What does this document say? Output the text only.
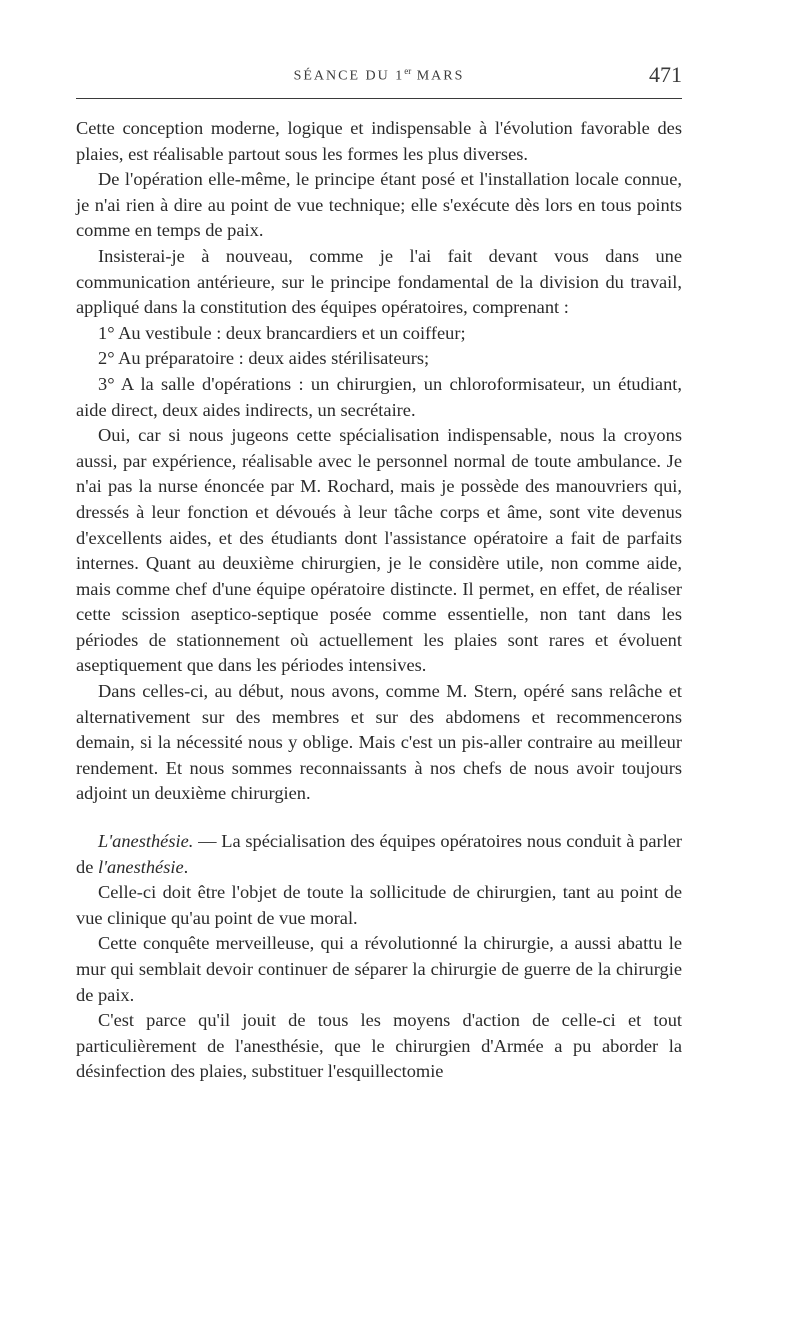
SÉANCE DU 1er MARS	471

Cette conception moderne, logique et indispensable à l'évolution favorable des plaies, est réalisable partout sous les formes les plus diverses.

De l'opération elle-même, le principe étant posé et l'installation locale connue, je n'ai rien à dire au point de vue technique; elle s'exécute dès lors en tous points comme en temps de paix.

Insisterai-je à nouveau, comme je l'ai fait devant vous dans une communication antérieure, sur le principe fondamental de la division du travail, appliqué dans la constitution des équipes opératoires, comprenant :

1° Au vestibule : deux brancardiers et un coiffeur;

2° Au préparatoire : deux aides stérilisateurs;

3° A la salle d'opérations : un chirurgien, un chloroformisateur, un étudiant, aide direct, deux aides indirects, un secrétaire.

Oui, car si nous jugeons cette spécialisation indispensable, nous la croyons aussi, par expérience, réalisable avec le personnel normal de toute ambulance. Je n'ai pas la nurse énoncée par M. Rochard, mais je possède des manouvriers qui, dressés à leur fonction et dévoués à leur tâche corps et âme, sont vite devenus d'excellents aides, et des étudiants dont l'assistance opératoire a fait de parfaits internes. Quant au deuxième chirurgien, je le considère utile, non comme aide, mais comme chef d'une équipe opératoire distincte. Il permet, en effet, de réaliser cette scission aseptico-septique posée comme essentielle, non tant dans les périodes de stationnement où actuellement les plaies sont rares et évoluent aseptiquement que dans les périodes intensives.

Dans celles-ci, au début, nous avons, comme M. Stern, opéré sans relâche et alternativement sur des membres et sur des abdomens et recommencerons demain, si la nécessité nous y oblige. Mais c'est un pis-aller contraire au meilleur rendement. Et nous sommes reconnaissants à nos chefs de nous avoir toujours adjoint un deuxième chirurgien.

L'anesthésie. — La spécialisation des équipes opératoires nous conduit à parler de l'anesthésie.

Celle-ci doit être l'objet de toute la sollicitude de chirurgien, tant au point de vue clinique qu'au point de vue moral.

Cette conquête merveilleuse, qui a révolutionné la chirurgie, a aussi abattu le mur qui semblait devoir continuer de séparer la chirurgie de guerre de la chirurgie de paix.

C'est parce qu'il jouit de tous les moyens d'action de celle-ci et tout particulièrement de l'anesthésie, que le chirurgien d'Armée a pu aborder la désinfection des plaies, substituer l'esquillectomie
